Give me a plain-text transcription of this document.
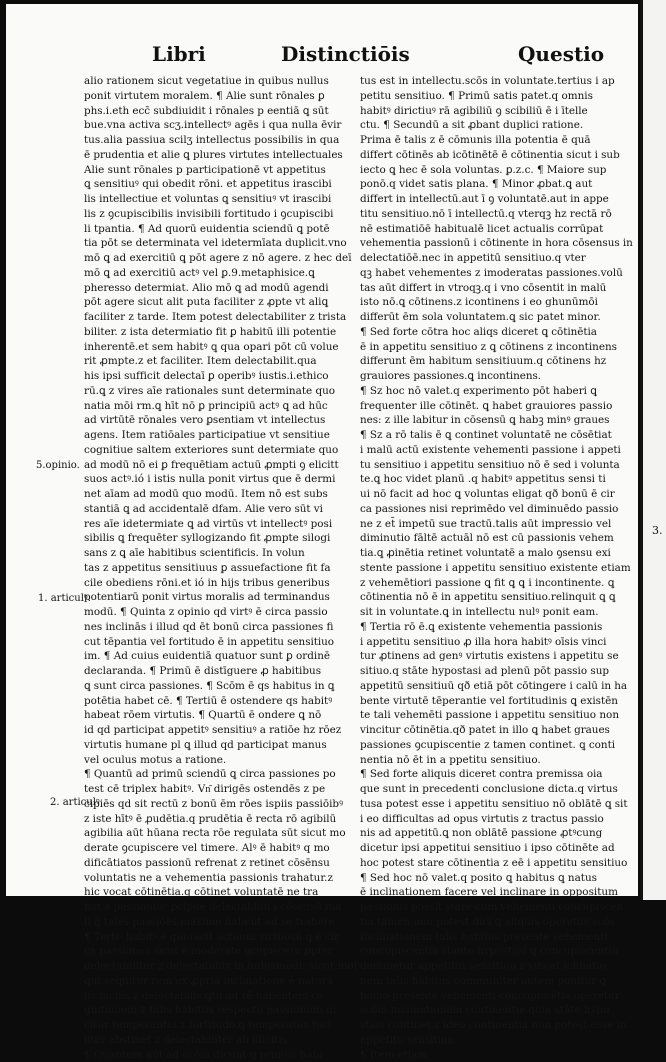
Libri	Distinctiōis	Questio
alio rationem sicut vegetatiue in quibus nullus
ponit virtutem moralem. ¶ Alie sunt rōnales ꝑ
phs.i.eth ecc̄ subdiuidit i rōnales p eentiā ꝗ sūt
bue.vna activa scʒ.intellectꝰ agēs i qua nulla ēvir
tus.alia passiua scilʒ intellectus possibilis in qua
ē prudentia et alie ꝗ plures virtutes intellectuales
Alie sunt rōnales p participationē vt appetitus
ꝗ sensitiuꝰ qui obedit rōni. et appetitus irascibi
lis intellectiue et voluntas ꝗ sensitiuꝰ vt irascibi
lis z ꝯcupiscibilis invisibili fortitudo i ꝯcupiscibi
li tpantia. ¶ Ad quorū euidentia sciendū ꝗ potē
tia pōt se determinata vel idetermīata duplicit.vno
mō ꝗ ad exercitiū ꝗ pōt agere z nō agere. z hec deī
mō ꝗ ad exercitiū actꝰ vel ꝑ.9.metaphisice.ꝗ
pheresso determiat. Alio mō ꝗ ad modū agendi
pōt agere sicut alit puta faciliter z ꝓpte vt aliꝗ
faciliter z tarde. Item potest delectabiliter z trista
biliter. z ista determiatio fit ꝑ habitū illi potentie
inherentē.et sem habitꝰ ꝗ qua opari pōt cū volue
rit ꝓmpte.z et faciliter. Item delectabilit.qua
his ipsi sufficit delectaī ꝑ operibꝰ iustis.i.ethico
rū.ꝗ z vires aīe rationales sunt determinate quo
natia mōi rm.ꝗ hīt nō ꝑ principiū actꝰ ꝗ ad hūc
ad virtūtē rōnales vero ꝑsentiam vt intellectus
agens. Item ratiōales participatiue vt sensitiue
cognitiue saltem exteriores sunt determiate quo
ad modū nō ei ꝑ frequētiam actuū ꝓmpti ꝯ elicitt
suos actꝰ.ió i istis nulla ponit virtus que ē dermi
net aīam ad modū quo modū. Item nō est subs
stantiā ꝗ ad accidentalē dfam. Alie vero sūt vi
res aīe idetermiate ꝗ ad virtūs vt intellectꝰ posi
sibilis ꝗ frequēter syllogizando fit ꝓmpte silogi
sans z ꝗ aīe habitibus scientificis. In volun
tas z appetitus sensitiuus ꝑ assuefactione fit fa
cile obediens rōni.et ió in hijs tribus generibus
potentiarū ponit virtus moralis ad terminandus
modū. ¶ Quinta z opinio qd virtꝰ ē circa passio
nes inclinās i illud qd ēt bonū circa passiones fi
cut tēpantia vel fortitudo ē in appetitu sensitiuo
im. ¶ Ad cuius euidentiā quatuor sunt ꝑ ordinē
declaranda. ¶ Primū ē distīguere ꝓ habitibus
ꝗ sunt circa passiones. ¶ Scōm ē qs habitus in ꝗ
potētia habet cē. ¶ Tertiū ē ostendere qs habitꝰ
habeat rōem virtutis. ¶ Quartū ē ondere ꝗ nō
id qd participat appetitꝰ sensitiuꝰ a ratiōe hz rōez
virtutis humane pl ꝗ illud qd participat manus
vel oculus motus a ratione.
¶ Quantū ad primū sciendū ꝗ circa passiones po
test cē triplex habitꝰ. Vn͂ dirigēs ostendēs z pe
cipiēs qd sit rectū z bonū ēm rōes ispiis passiōibꝰ
z iste hītꝰ ē ꝓudētia.q prudētia ē recta rō agibilū
agibilia aūt hūana recta rōe regulata sūt sicut mo
derate ꝯcupiscere vel timere. Alꝰ ē habitꝰ q mo
dificātiatos passionū refrenat z retinet cōsēnsu
voluntatis ne a vehementia passionis trahatur.z
hic vocat cōtinētia.q cōtinet voluntatē ne tra
hat a passionibꝰ ꝓcipue delectabiliū i cōsensū ma
li q̄ tales passiōēs maxime habent ad se trahere.
¶ Tertiꝰ habitꝰ ē qui facit actuum virtuosū ꝗ ē cir
ca passiones sicut ē moderate ꝯcupiscere ꝓpter
delectabiliter z delectabilitr in huiusmodi: sicut motꝰ
qui sequitur rem ex ꝓpria inclinatione ē natura
lis facilis z delectabilis ꝗtū ad rē habentem co
gnitionem z talis habitus respectu passionum di
citur temperantia z fortitudo.q temperatus faci
liter abstinet z delectabiliter ab illicitis.
¶ Quantum aūt ad scōm dicunt ꝗ primus habi
tus est in intellectu.scōs in voluntate.tertius i ap
petitu sensitiuo. ¶ Primū satis patet.q omnis
habitꝰ dirictiuꝰ rā agibiliū ꝯ scibiliū ē i ītelle
ctu. ¶ Secundū a sit ꝓbant duplici ratione.
Prima ē talis z ē cōmunis illa potentia ē quā
differt cōtinēs ab icōtinētē ē cōtinentia sicut i sub
iecto ꝗ hec ē sola voluntas. ꝑ.z.c. ¶ Maiore sup
ponō.q videt satis plana. ¶ Minor ꝓbat.ꝗ aut
differt in intellectū.aut ī ꝯ voluntatē.aut in appe
titu sensitiuo.nō ī intellectū.q vterqꝫ hz rectā rō
nē estimatiōē habitualē licet actualis corrūpat
vehementia passionū i cōtinente in hora cōsensus in
delectatiōē.nec in appetitū sensitiuo.q vter
qꝫ habet vehementes z imoderatas passiones.volū
tas aūt differt in vtroqꝫ.q i vno cōsentit in malū
isto nō.ꝗ cōtinens.z icontinens i eo ghunūmōi
differūt ēm sola voluntatem.ꝗ sic patet minor.
¶ Sed forte cōtra hoc aliqs diceret ꝗ cōtinētia
ē in appetitu sensitiuo z ꝗ cōtinens z incontinens
differunt ēm habitum sensitiuum.q cōtinens hz
grauiores passiones.ꝗ incontinens.
¶ Sz hoc nō valet.q experimento pōt haberi ꝗ
frequenter ille cōtinēt. ꝗ habet grauiores passio
nes: z ille labitur in cōsensū ꝗ habꝫ minꝰ graues
¶ Sz a rō talis ē ꝗ continet voluntatē ne cōsētiat
i malū actū existente vehementi passione i appeti
tu sensitiuo i appetitu sensitiuo nō ē sed i volunta
te.ꝗ hoc videt planū .q habitꝰ appetitus sensi ti
ui nō facit ad hoc ꝗ voluntas eligat qð bonū ē cir
ca passiones nisi reprimēdo vel diminuēdo passio
ne z et̄ impetū sue tractū.talis aūt impressio vel
diminutio fāltē actuāl nō est cū passionis vehem
tia.ꝗ ꝓinētia retinet voluntatē a malo ꝯsensu exi
stente passione i appetitu sensitiuo existente etiam
z vehemētiori passione ꝗ fit ꝗ ꝗ i incontinente. ꝗ
cōtinentia nō ē in appetitu sensitiuo.relinquit ꝗ ꝗ
sit in voluntate.ꝗ in intellectu nulꝰ ponit eam.
¶ Tertia rō ē.ꝗ existente vehementia passionis
i appetitu sensitiuo ꝓ illa hora habitꝰ oīsis vinci
tur ꝓtinens ad genꝰ virtutis existens i appetitu se
sitiuo.q stāte hypostasi ad plenū pōt passio sup
appetitū sensitiuū qð etiā pōt cōtingere i calū in ha
bente virtutē tēperantie vel fortitudinis ꝗ existēn
te tali vehemēti passione i appetitu sensitiuo non
vincitur cōtinētia.qð patet in illo ꝗ habet graues
passiones ꝯcupiscentie z tamen continet. ꝗ conti
nentia nō ēt in a ppetitu sensitiuo.
¶ Sed forte aliquis diceret contra premissa oia
que sunt in precedenti conclusione dicta.q virtus
tusa potest esse i appetitu sensitiuo nō oblātē ꝗ sit
i eo difficultas ad opus virtutis z tractus passio
nis ad appetitū.ꝗ non oblātē passione ꝓtꝰcung
dicetur ipsi appetitui sensitiuo i ipso cōtinēte ad
hoc potest stare cōtinentia z eē i appetitu sensitiuo
¶ Sed hoc nō valet.q posito ꝗ habitus ꝗ natus
ē inclinationem facere vel inclinare in oppositum
passionis possit stare cum vehementi concupiscen
tia.tamen non potest dici ꝗ aliquis operetur scōs
inclinationem talis habitus presente vehementi
concupiscentia stante hypostasi ꝗ concupiscentia
dominetur appetitui sensitiuo z vincat iclinatio
nem talis habitus communiter autem ponitur ꝗ
homo presente vehementi concupiscētia operetur
scōm inclinationem continentie.quia stāte hypo
stasi continet.z ideo continentia non potest esse in
appetitu sensitiuo.
¶ Item etiam
5.opinio.
1. articulꝰ.
2. articulꝰ
3.
